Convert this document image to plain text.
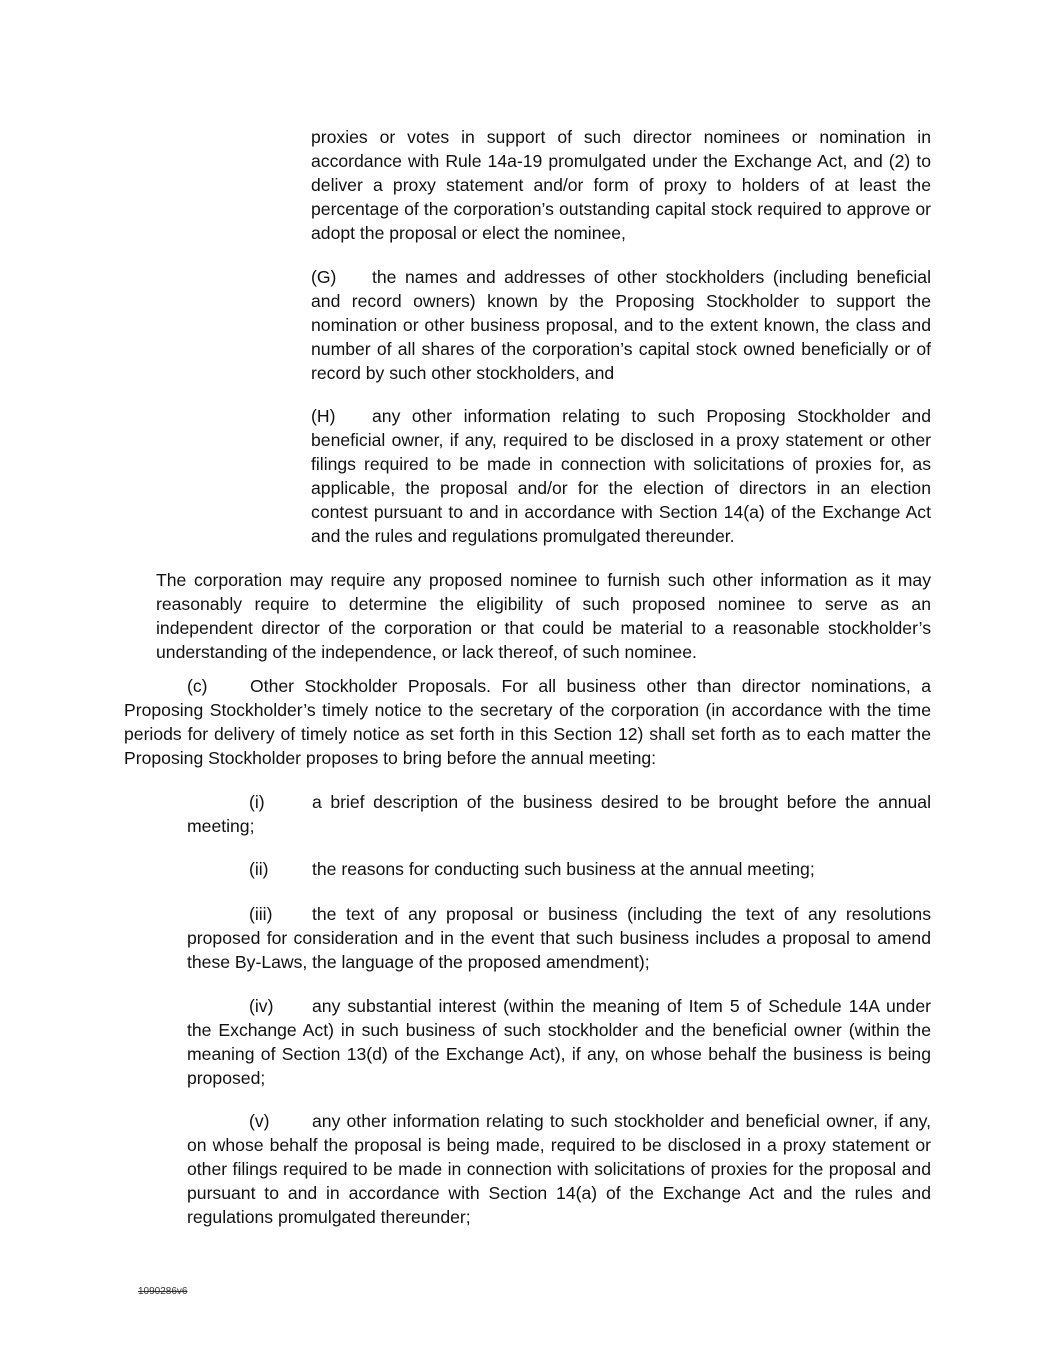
proxies or votes in support of such director nominees or nomination in accordance with Rule 14a-19 promulgated under the Exchange Act, and (2) to deliver a proxy statement and/or form of proxy to holders of at least the percentage of the corporation’s outstanding capital stock required to approve or adopt the proposal or elect the nominee,
(G) the names and addresses of other stockholders (including beneficial and record owners) known by the Proposing Stockholder to support the nomination or other business proposal, and to the extent known, the class and number of all shares of the corporation’s capital stock owned beneficially or of record by such other stockholders, and
(H) any other information relating to such Proposing Stockholder and beneficial owner, if any, required to be disclosed in a proxy statement or other filings required to be made in connection with solicitations of proxies for, as applicable, the proposal and/or for the election of directors in an election contest pursuant to and in accordance with Section 14(a) of the Exchange Act and the rules and regulations promulgated thereunder.
The corporation may require any proposed nominee to furnish such other information as it may reasonably require to determine the eligibility of such proposed nominee to serve as an independent director of the corporation or that could be material to a reasonable stockholder’s understanding of the independence, or lack thereof, of such nominee.
(c) Other Stockholder Proposals. For all business other than director nominations, a Proposing Stockholder’s timely notice to the secretary of the corporation (in accordance with the time periods for delivery of timely notice as set forth in this Section 12) shall set forth as to each matter the Proposing Stockholder proposes to bring before the annual meeting:
(i)	a brief description of the business desired to be brought before the annual meeting;
(ii) the reasons for conducting such business at the annual meeting;
(iii) the text of any proposal or business (including the text of any resolutions proposed for consideration and in the event that such business includes a proposal to amend these By-Laws, the language of the proposed amendment);
(iv) any substantial interest (within the meaning of Item 5 of Schedule 14A under the Exchange Act) in such business of such stockholder and the beneficial owner (within the meaning of Section 13(d) of the Exchange Act), if any, on whose behalf the business is being proposed;
(v) any other information relating to such stockholder and beneficial owner, if any, on whose behalf the proposal is being made, required to be disclosed in a proxy statement or other filings required to be made in connection with solicitations of proxies for the proposal and pursuant to and in accordance with Section 14(a) of the Exchange Act and the rules and regulations promulgated thereunder;
1090286v6
